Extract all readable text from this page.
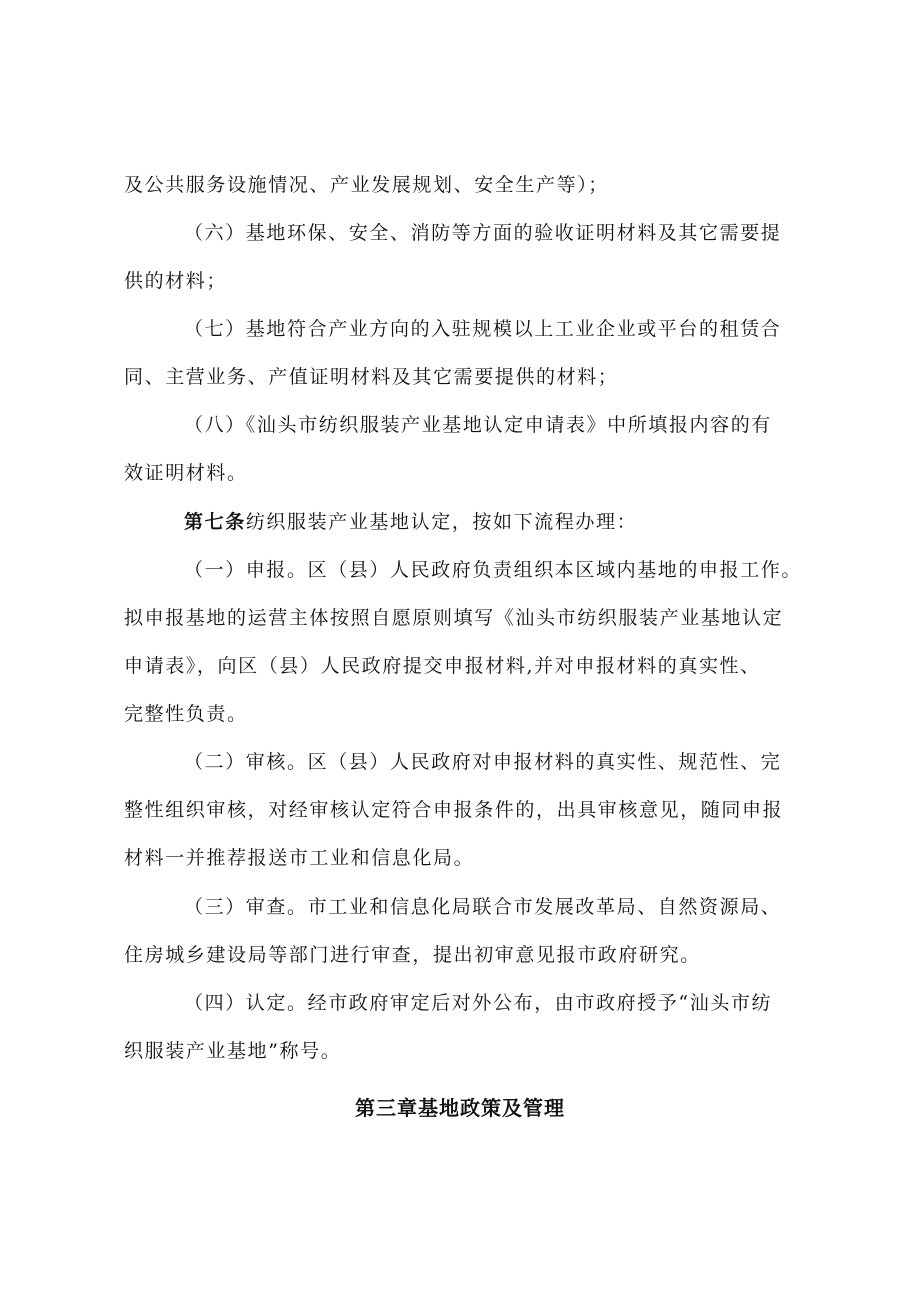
及公共服务设施情况、产业发展规划、安全生产等）；
（六）基地环保、安全、消防等方面的验收证明材料及其它需要提
供的材料；
（七）基地符合产业方向的入驻规模以上工业企业或平台的租赁合
同、主营业务、产值证明材料及其它需要提供的材料；
（八）《汕头市纺织服装产业基地认定申请表》中所填报内容的有
效证明材料。
第七条纺织服装产业基地认定，按如下流程办理：
（一）申报。区（县）人民政府负责组织本区域内基地的申报工作。
拟申报基地的运营主体按照自愿原则填写《汕头市纺织服装产业基地认定
申请表》，向区（县）人民政府提交申报材料,并对申报材料的真实性、
完整性负责。
（二）审核。区（县）人民政府对申报材料的真实性、规范性、完
整性组织审核，对经审核认定符合申报条件的，出具审核意见，随同申报
材料一并推荐报送市工业和信息化局。
（三）审查。市工业和信息化局联合市发展改革局、自然资源局、
住房城乡建设局等部门进行审查，提出初审意见报市政府研究。
（四）认定。经市政府审定后对外公布，由市政府授予“汕头市纺
织服装产业基地”称号。
第三章基地政策及管理
